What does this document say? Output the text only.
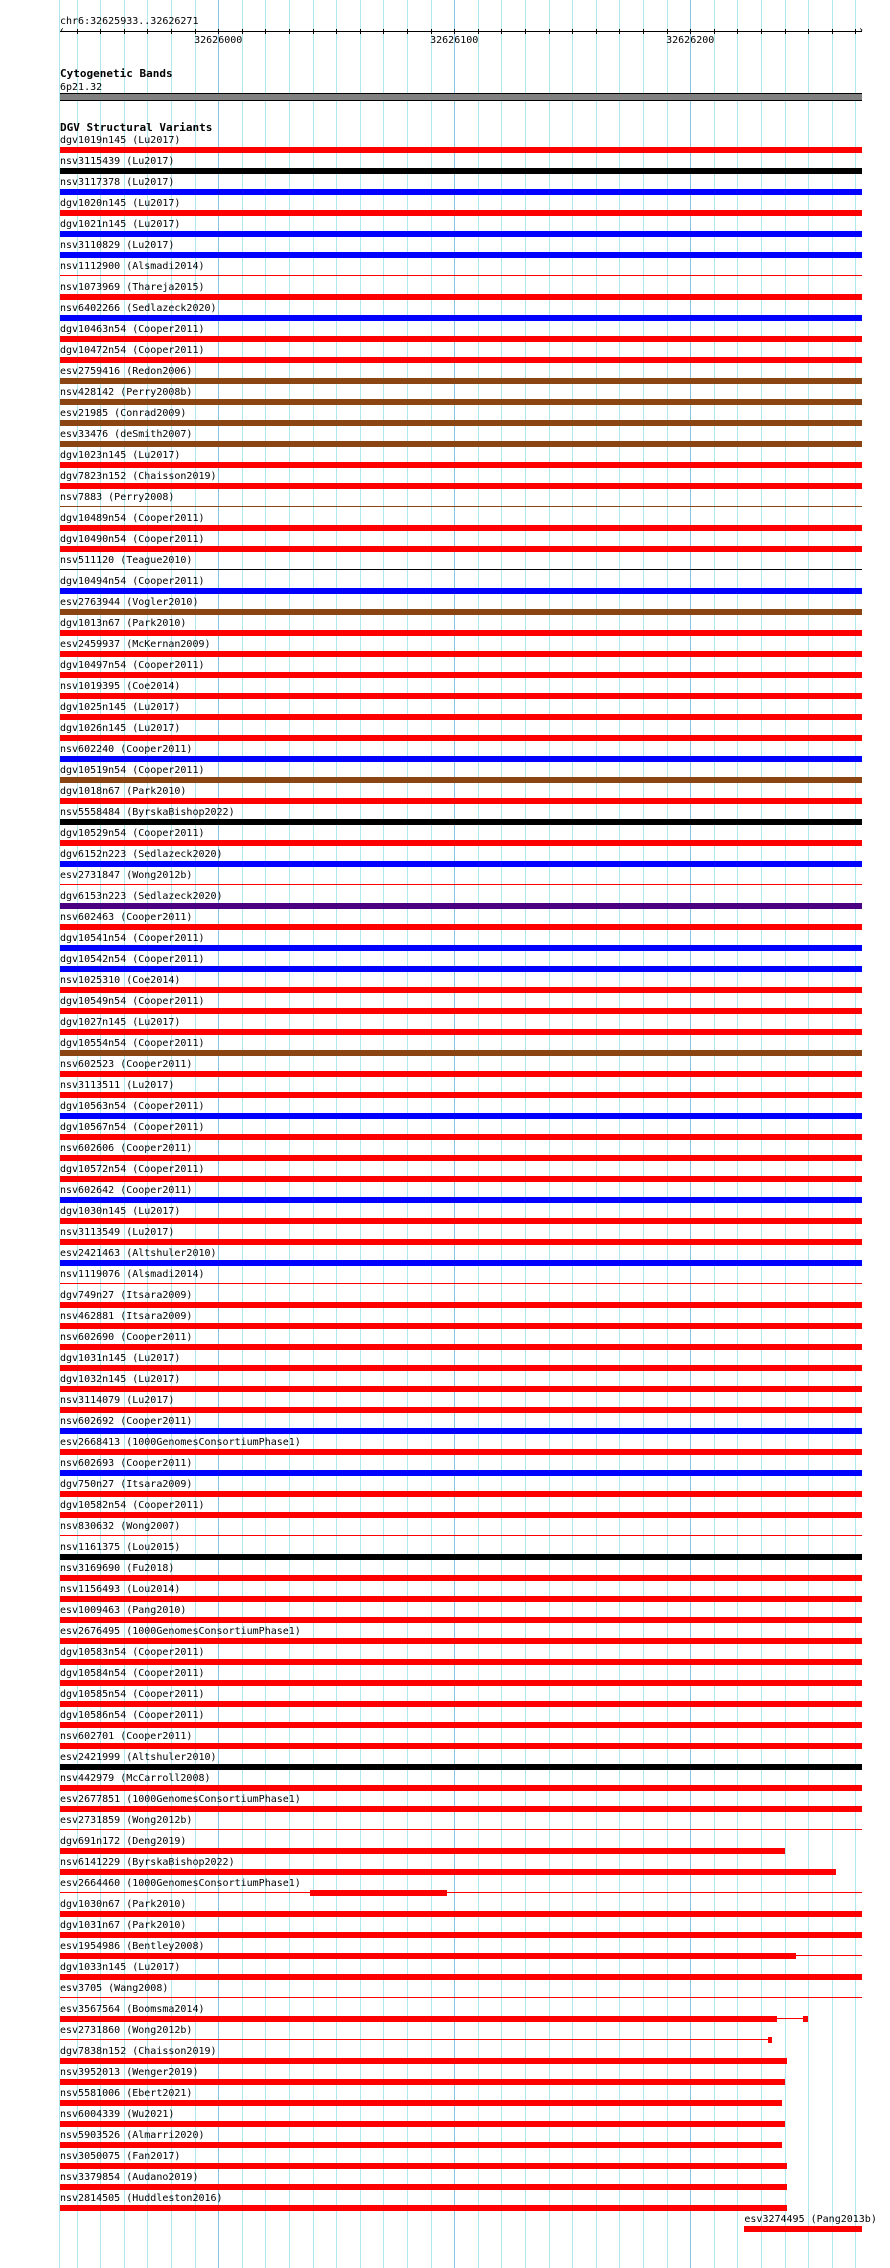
chr6:32625933..32626271
‹	›
32626000	32626100	32626200
Cytogenetic Bands
6p21.32
DGV Structural Variants
dgv1019n145 (Lu2017)
nsv3115439 (Lu2017)
nsv3117378 (Lu2017)
dgv1020n145 (Lu2017)
dgv1021n145 (Lu2017)
nsv3110829 (Lu2017)
nsv1112900 (Alsmadi2014)
nsv1073969 (Thareja2015)
nsv6402266 (Sedlazeck2020)
dgv10463n54 (Cooper2011)
dgv10472n54 (Cooper2011)
esv2759416 (Redon2006)
nsv428142 (Perry2008b)
esv21985 (Conrad2009)
esv33476 (deSmith2007)
dgv1023n145 (Lu2017)
dgv7823n152 (Chaisson2019)
nsv7883 (Perry2008)
dgv10489n54 (Cooper2011)
dgv10490n54 (Cooper2011)
nsv511120 (Teague2010)
dgv10494n54 (Cooper2011)
esv2763944 (Vogler2010)
dgv1013n67 (Park2010)
esv2459937 (McKernan2009)
dgv10497n54 (Cooper2011)
nsv1019395 (Coe2014)
dgv1025n145 (Lu2017)
dgv1026n145 (Lu2017)
nsv602240 (Cooper2011)
dgv10519n54 (Cooper2011)
dgv1018n67 (Park2010)
nsv5558484 (ByrskaBishop2022)
dgv10529n54 (Cooper2011)
dgv6152n223 (Sedlazeck2020)
esv2731847 (Wong2012b)
dgv6153n223 (Sedlazeck2020)
nsv602463 (Cooper2011)
dgv10541n54 (Cooper2011)
dgv10542n54 (Cooper2011)
nsv1025310 (Coe2014)
dgv10549n54 (Cooper2011)
dgv1027n145 (Lu2017)
dgv10554n54 (Cooper2011)
nsv602523 (Cooper2011)
nsv3113511 (Lu2017)
dgv10563n54 (Cooper2011)
dgv10567n54 (Cooper2011)
nsv602606 (Cooper2011)
dgv10572n54 (Cooper2011)
nsv602642 (Cooper2011)
dgv1030n145 (Lu2017)
nsv3113549 (Lu2017)
esv2421463 (Altshuler2010)
nsv1119076 (Alsmadi2014)
dgv749n27 (Itsara2009)
nsv462881 (Itsara2009)
nsv602690 (Cooper2011)
dgv1031n145 (Lu2017)
dgv1032n145 (Lu2017)
nsv3114079 (Lu2017)
nsv602692 (Cooper2011)
esv2668413 (1000GenomesConsortiumPhase1)
nsv602693 (Cooper2011)
dgv750n27 (Itsara2009)
dgv10582n54 (Cooper2011)
nsv830632 (Wong2007)
nsv1161375 (Lou2015)
nsv3169690 (Fu2018)
nsv1156493 (Lou2014)
esv1009463 (Pang2010)
esv2676495 (1000GenomesConsortiumPhase1)
dgv10583n54 (Cooper2011)
dgv10584n54 (Cooper2011)
dgv10585n54 (Cooper2011)
dgv10586n54 (Cooper2011)
nsv602701 (Cooper2011)
esv2421999 (Altshuler2010)
nsv442979 (McCarroll2008)
esv2677851 (1000GenomesConsortiumPhase1)
esv2731859 (Wong2012b)
dgv691n172 (Deng2019)
nsv6141229 (ByrskaBishop2022)
esv2664460 (1000GenomesConsortiumPhase1)
dgv1030n67 (Park2010)
dgv1031n67 (Park2010)
esv1954986 (Bentley2008)
dgv1033n145 (Lu2017)
esv3705 (Wang2008)
esv3567564 (Boomsma2014)
esv2731860 (Wong2012b)
dgv7838n152 (Chaisson2019)
nsv3952013 (Wenger2019)
nsv5581006 (Ebert2021)
nsv6004339 (Wu2021)
nsv5903526 (Almarri2020)
nsv3050075 (Fan2017)
nsv3379854 (Audano2019)
nsv2814505 (Huddleston2016)
esv3274495 (Pang2013b)
